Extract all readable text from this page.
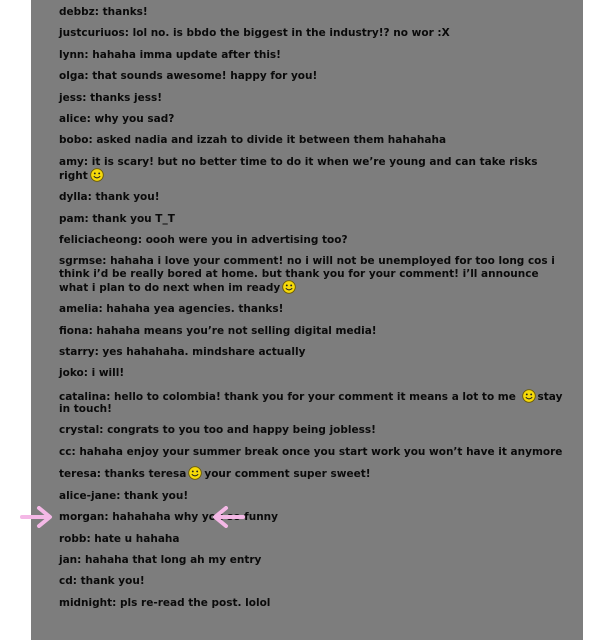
debbz: thanks!
justcuriuos: lol no. is bbdo the biggest in the industry!? no wor :X
lynn: hahaha imma update after this!
olga: that sounds awesome! happy for you!
jess: thanks jess!
alice: why you sad?
bobo: asked nadia and izzah to divide it between them hahahaha
amy: it is scary! but no better time to do it when we’re young and can take risks right
dylla: thank you!
pam: thank you T_T
feliciacheong: oooh were you in advertising too?
sgrmse: hahaha i love your comment! no i will not be unemployed for too long cos i think i’d be really bored at home. but thank you for your comment! i’ll announce what i plan to do next when im ready
amelia: hahaha yea agencies. thanks!
fiona: hahaha means you’re not selling digital media!
starry: yes hahahaha. mindshare actually
joko: i will!
catalina: hello to colombia! thank you for your comment it means a lot to me stay in touch!
crystal: congrats to you too and happy being jobless!
cc: hahaha enjoy your summer break once you start work you won’t have it anymore
teresa: thanks teresa your comment super sweet!
alice-jane: thank you!
morgan: hahahaha why you so funny
robb: hate u hahaha
jan: hahaha that long ah my entry
cd: thank you!
midnight: pls re-read the post. lolol
